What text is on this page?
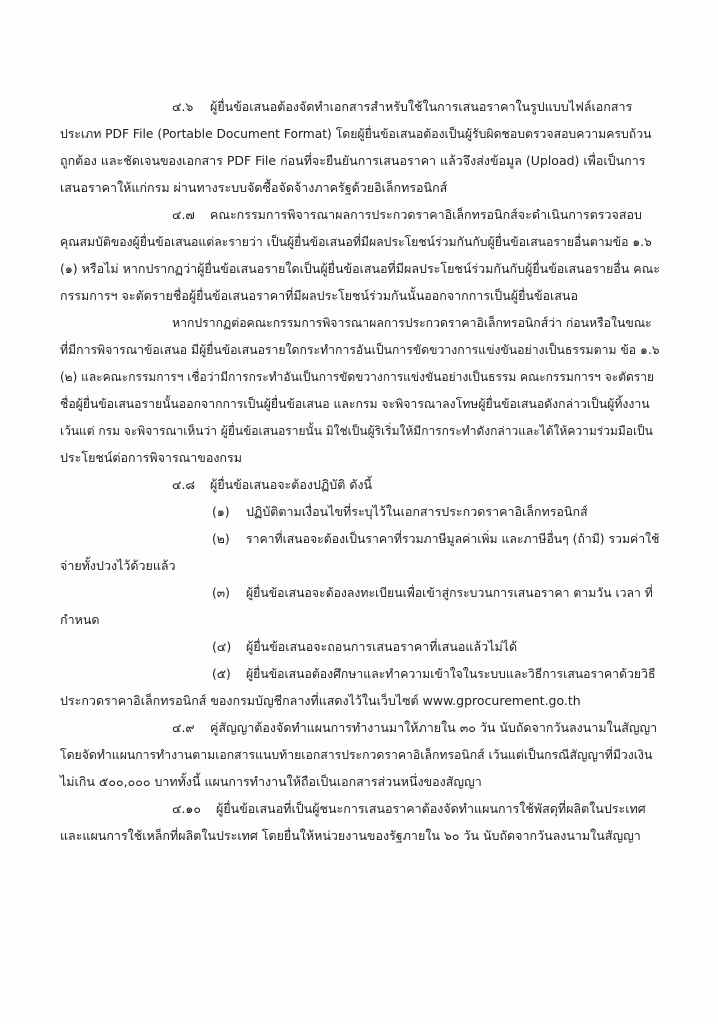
๔.๖ ผู้ยื่นข้อเสนอต้องจัดทำเอกสารสำหรับใช้ในการเสนอราคาในรูปแบบไฟล์เอกสาร
ประเภท PDF File (Portable Document Format) โดยผู้ยื่นข้อเสนอต้องเป็นผู้รับผิดชอบตรวจสอบความครบถ้วน
ถูกต้อง และชัดเจนของเอกสาร PDF File ก่อนที่จะยืนยันการเสนอราคา แล้วจึงส่งข้อมูล (Upload) เพื่อเป็นการ
เสนอราคาให้แก่กรม ผ่านทางระบบจัดซื้อจัดจ้างภาครัฐด้วยอิเล็กทรอนิกส์
๔.๗ คณะกรรมการพิจารณาผลการประกวดราคาอิเล็กทรอนิกส์จะดำเนินการตรวจสอบ
คุณสมบัติของผู้ยื่นข้อเสนอแต่ละรายว่า เป็นผู้ยื่นข้อเสนอที่มีผลประโยชน์ร่วมกันกับผู้ยื่นข้อเสนอรายอื่นตามข้อ ๑.๖
(๑) หรือไม่ หากปรากฏว่าผู้ยื่นข้อเสนอรายใดเป็นผู้ยื่นข้อเสนอที่มีผลประโยชน์ร่วมกันกับผู้ยื่นข้อเสนอรายอื่น คณะ
กรรมการฯ จะตัดรายชื่อผู้ยื่นข้อเสนอราคาที่มีผลประโยชน์ร่วมกันนั้นออกจากการเป็นผู้ยื่นข้อเสนอ
หากปรากฏต่อคณะกรรมการพิจารณาผลการประกวดราคาอิเล็กทรอนิกส์ว่า ก่อนหรือในขณะ
ที่มีการพิจารณาข้อเสนอ มีผู้ยื่นข้อเสนอรายใดกระทำการอันเป็นการขัดขวางการแข่งขันอย่างเป็นธรรมตาม ข้อ ๑.๖
(๒) และคณะกรรมการฯ เชื่อว่ามีการกระทำอันเป็นการขัดขวางการแข่งขันอย่างเป็นธรรม คณะกรรมการฯ จะตัดราย
ชื่อผู้ยื่นข้อเสนอรายนั้นออกจากการเป็นผู้ยื่นข้อเสนอ และกรม จะพิจารณาลงโทษผู้ยื่นข้อเสนอดังกล่าวเป็นผู้ทิ้งงาน
เว้นแต่ กรม จะพิจารณาเห็นว่า ผู้ยื่นข้อเสนอรายนั้น มิใช่เป็นผู้ริเริ่มให้มีการกระทำดังกล่าวและได้ให้ความร่วมมือเป็น
ประโยชน์ต่อการพิจารณาของกรม
๔.๘ ผู้ยื่นข้อเสนอจะต้องปฏิบัติ ดังนี้
(๑) ปฏิบัติตามเงื่อนไขที่ระบุไว้ในเอกสารประกวดราคาอิเล็กทรอนิกส์
(๒) ราคาที่เสนอจะต้องเป็นราคาที่รวมภาษีมูลค่าเพิ่ม และภาษีอื่นๆ (ถ้ามี) รวมค่าใช้
จ่ายทั้งปวงไว้ด้วยแล้ว
(๓) ผู้ยื่นข้อเสนอจะต้องลงทะเบียนเพื่อเข้าสู่กระบวนการเสนอราคา ตามวัน เวลา ที่
กำหนด
(๔) ผู้ยื่นข้อเสนอจะถอนการเสนอราคาที่เสนอแล้วไม่ได้
(๕) ผู้ยื่นข้อเสนอต้องศึกษาและทำความเข้าใจในระบบและวิธีการเสนอราคาด้วยวิธี
ประกวดราคาอิเล็กทรอนิกส์ ของกรมบัญชีกลางที่แสดงไว้ในเว็บไซต์ www.gprocurement.go.th
๔.๙ คู่สัญญาต้องจัดทำแผนการทำงานมาให้ภายใน ๓๐ วัน นับถัดจากวันลงนามในสัญญา
โดยจัดทำแผนการทำงานตามเอกสารแนบท้ายเอกสารประกวดราคาอิเล็กทรอนิกส์ เว้นแต่เป็นกรณีสัญญาที่มีวงเงิน
ไม่เกิน ๕๐๐,๐๐๐ บาททั้งนี้ แผนการทำงานให้ถือเป็นเอกสารส่วนหนึ่งของสัญญา
๔.๑๐ ผู้ยื่นข้อเสนอที่เป็นผู้ชนะการเสนอราคาต้องจัดทำแผนการใช้พัสดุที่ผลิตในประเทศ
และแผนการใช้เหล็กที่ผลิตในประเทศ โดยยื่นให้หน่วยงานของรัฐภายใน ๖๐ วัน นับถัดจากวันลงนามในสัญญา
